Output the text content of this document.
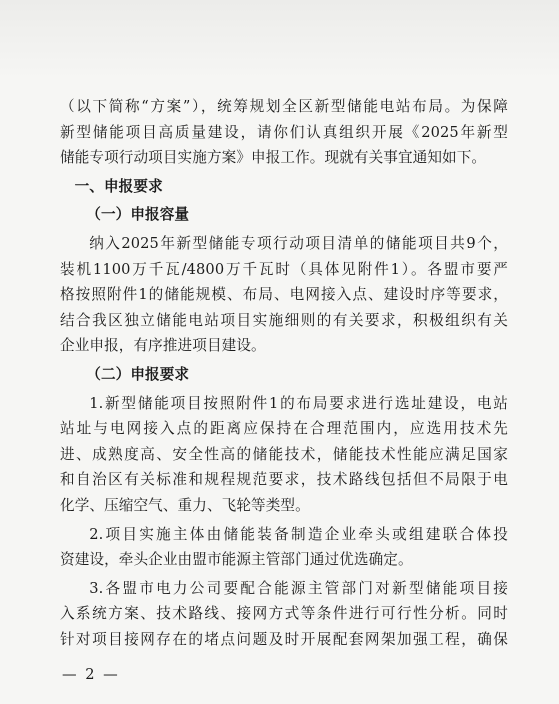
（以下简称“方案”），统筹规划全区新型储能电站布局。为保障

新型储能项目高质量建设，请你们认真组织开展《2025年新型

储能专项行动项目实施方案》申报工作。现就有关事宜通知如下。

一、申报要求

（一）申报容量

纳入2025年新型储能专项行动项目清单的储能项目共9个，

装机1100万千瓦/4800万千瓦时（具体见附件1）。各盟市要严

格按照附件1的储能规模、布局、电网接入点、建设时序等要求，

结合我区独立储能电站项目实施细则的有关要求，积极组织有关

企业申报，有序推进项目建设。

（二）申报要求

1.新型储能项目按照附件1的布局要求进行选址建设，电站

站址与电网接入点的距离应保持在合理范围内，应选用技术先

进、成熟度高、安全性高的储能技术，储能技术性能应满足国家

和自治区有关标准和规程规范要求，技术路线包括但不局限于电

化学、压缩空气、重力、飞轮等类型。

2.项目实施主体由储能装备制造企业牵头或组建联合体投

资建设，牵头企业由盟市能源主管部门通过优选确定。

3.各盟市电力公司要配合能源主管部门对新型储能项目接

入系统方案、技术路线、接网方式等条件进行可行性分析。同时

针对项目接网存在的堵点问题及时开展配套网架加强工程，确保

— 2 —
